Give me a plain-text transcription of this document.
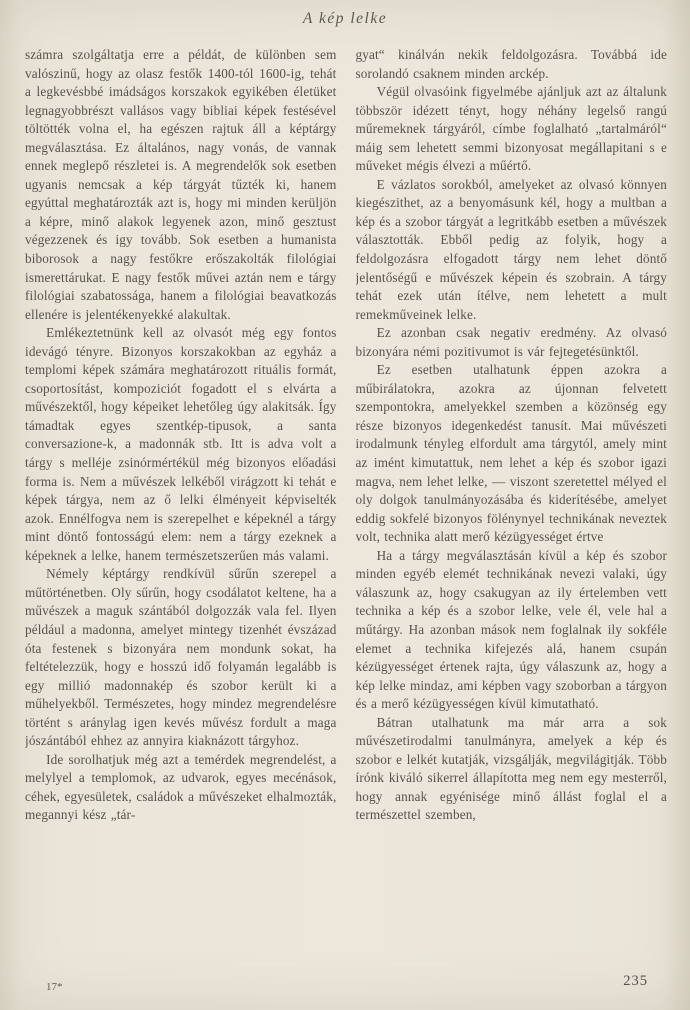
A kép lelke

számra szolgáltatja erre a példát, de különben sem valószinű, hogy az olasz festők 1400-tól 1600-ig, tehát a legkevésbbé imádságos korszakok egyikében életüket legnagyobbrészt vallásos vagy bibliai képek festésével töltötték volna el, ha egészen rajtuk áll a képtárgy megválasztása. Ez általános, nagy vonás, de vannak ennek meglepő részletei is. A megrendelők sok esetben ugyanis nemcsak a kép tárgyát tűzték ki, hanem egyúttal meghatározták azt is, hogy mi minden kerüljön a képre, minő alakok legyenek azon, minő gesztust végezzenek és igy tovább. Sok esetben a humanista biborosok a nagy festőkre erőszakolták filológiai ismerettárukat. E nagy festők művei aztán nem e tárgy filológiai szabatossága, hanem a filológiai beavatkozás ellenére is jelentékenyekké alakultak.

Emlékeztetnünk kell az olvasót még egy fontos idevágó tényre. Bizonyos korszakokban az egyház a templomi képek számára meghatározott rituális formát, csoportosítást, kompoziciót fogadott el s elvárta a művészektől, hogy képeiket lehetőleg úgy alakitsák. Így támadtak egyes szentkép-tipusok, a santa conversazione-k, a madonnák stb. Itt is adva volt a tárgy s melléje zsinórmértékül még bizonyos előadási forma is. Nem a művészek lelkéből virágzott ki tehát e képek tárgya, nem az ő lelki élményeit képviselték azok. Ennélfogva nem is szerepelhet e képeknél a tárgy mint döntő fontosságú elem: nem a tárgy ezeknek a képeknek a lelke, hanem természetszerűen más valami.

Némely képtárgy rendkívül sűrűn szerepel a műtörténetben. Oly sűrűn, hogy csodálatot keltene, ha a művészek a maguk szántából dolgozzák vala fel. Ilyen például a madonna, amelyet mintegy tizenhét évszázad óta festenek s bizonyára nem mondunk sokat, ha feltételezzük, hogy e hosszú idő folyamán legalább is egy millió madonnakép és szobor került ki a műhelyekből. Természetes, hogy mindez megrendelésre történt s aránylag igen kevés művész fordult a maga jószántából ehhez az annyira kiaknázott tárgyhoz.

Ide sorolhatjuk még azt a temérdek megrendelést, a melylyel a templomok, az udvarok, egyes mecénások, céhek, egyesületek, családok a művészeket elhalmozták, megannyi kész „tár-

gyat“ kinálván nekik feldolgozásra. Továbbá ide sorolandó csaknem minden arckép.

Végül olvasóink figyelmébe ajánljuk azt az általunk többször idézett tényt, hogy néhány legelső rangú műremeknek tárgyáról, címbe foglalható „tartalmáról“ máig sem lehetett semmi bizonyosat megállapitani s e műveket mégis élvezi a műértő.

E vázlatos sorokból, amelyeket az olvasó könnyen kiegészithet, az a benyomásunk kél, hogy a multban a kép és a szobor tárgyát a legritkább esetben a művészek választották. Ebből pedig az folyik, hogy a feldolgozásra elfogadott tárgy nem lehet döntő jelentőségű e művészek képein és szobrain. A tárgy tehát ezek után ítélve, nem lehetett a mult remekműveinek lelke.

Ez azonban csak negativ eredmény. Az olvasó bizonyára némi pozitivumot is vár fejtegetésünktől.

Ez esetben utalhatunk éppen azokra a műbirálatokra, azokra az újonnan felvetett szempontokra, amelyekkel szemben a közönség egy része bizonyos idegenkedést tanusít. Mai művészeti irodalmunk tényleg elfordult ama tárgytól, amely mint az imént kimutattuk, nem lehet a kép és szobor igazi magva, nem lehet lelke, — viszont szeretettel mélyed el oly dolgok tanulmányozásába és kiderítésébe, amelyet eddig sokfelé bizonyos fölénynyel technikának neveztek volt, technika alatt merő kézügyességet értve

Ha a tárgy megválasztásán kívül a kép és szobor minden egyéb elemét technikának nevezi valaki, úgy válaszunk az, hogy csakugyan az ily értelemben vett technika a kép és a szobor lelke, vele él, vele hal a műtárgy. Ha azonban mások nem foglalnak ily sokféle elemet a technika kifejezés alá, hanem csupán kézügyességet értenek rajta, úgy válaszunk az, hogy a kép lelke mindaz, ami képben vagy szoborban a tárgyon és a merő kézügyességen kívül kimutatható.

Bátran utalhatunk ma már arra a sok művészetirodalmi tanulmányra, amelyek a kép és szobor e lelkét kutatják, vizsgálják, megvilágitják. Több írónk kiváló sikerrel állapította meg nem egy mesterről, hogy annak egyénisége minő állást foglal el a természettel szemben,

17*	235
